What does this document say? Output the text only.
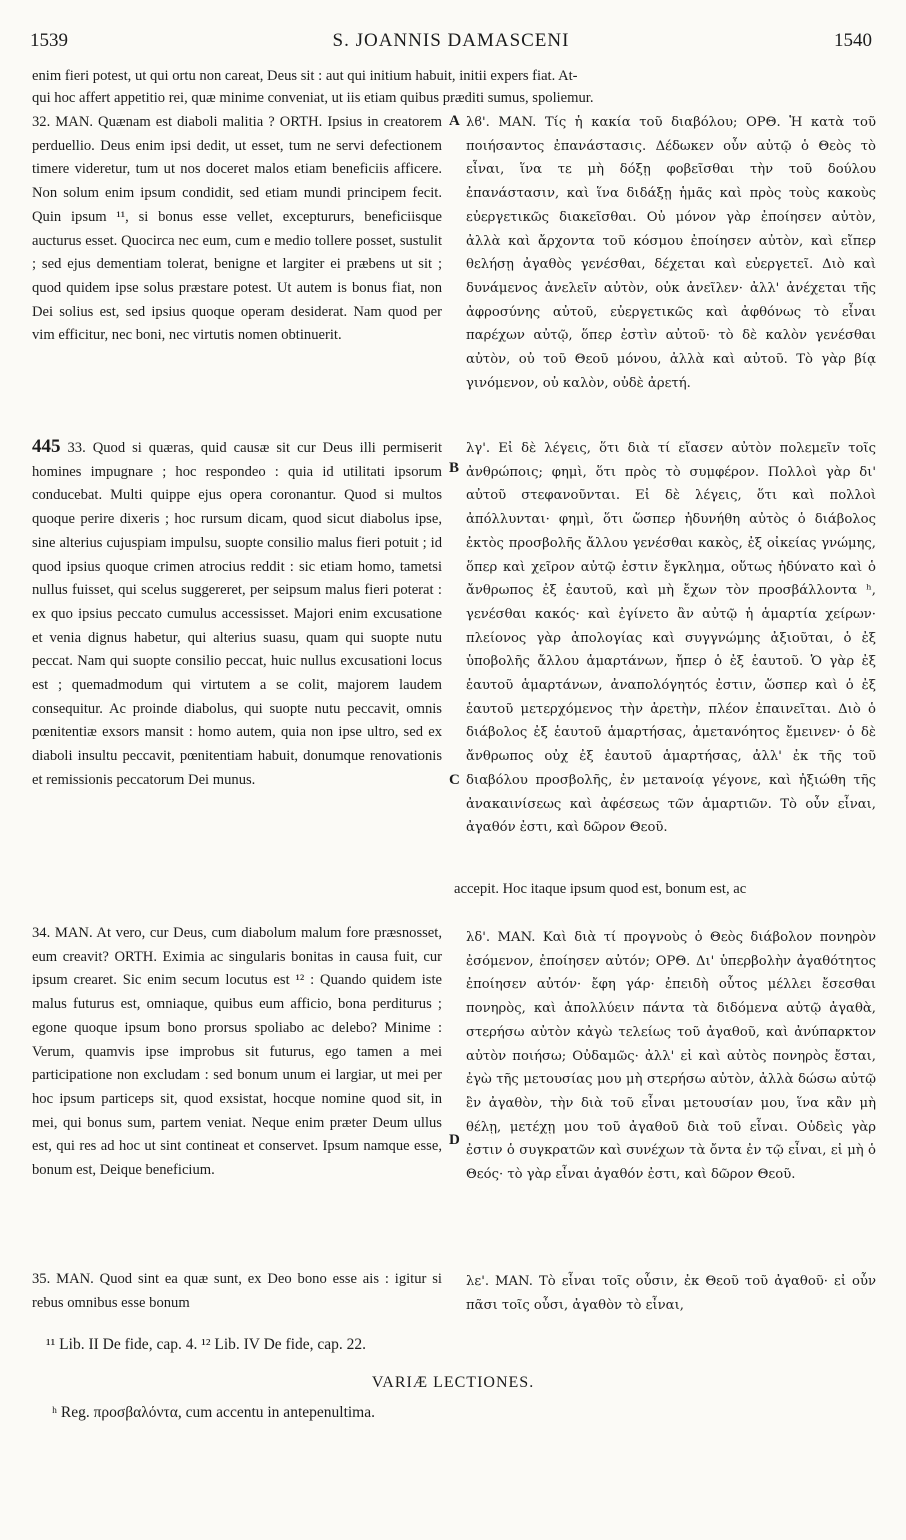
1539	S. JOANNIS DAMASCENI	1540
enim fieri potest, ut qui ortu non careat, Deus sit : aut qui initium habuit, initii expers fiat. At-
qui hoc affert appetitio rei, quæ minime conveniat, ut iis etiam quibus præditi sumus, spoliemur.

32. MAN. Quænam est diaboli malitia ? ORTH. Ipsius in creatorem perduellio. Deus enim ipsi dedit, ut esset, tum ne servi defectionem timere videretur, tum ut nos doceret malos etiam beneficiis afficere. Non solum enim ipsum condidit, sed etiam mundi principem fecit. Quin ipsum ¹¹, si bonus esse vellet, exceptururs, beneficiisque aucturus esset. Quocirca nec eum, cum e medio tollere posset, sustulit ; sed ejus dementiam tolerat, benigne et largiter ei præbens ut sit ; quod quidem ipse solus præstare potest. Ut autem is bonus fiat, non Dei solius est, sed ipsius quoque operam desiderat. Nam quod per vim efficitur, nec boni, nec virtutis nomen obtinuerit.

A λϐ'. MAN. Τίς ἡ κακία τοῦ διαβόλου; ΟΡΘ. Ἡ κατὰ τοῦ ποιήσαντος ἐπανάστασις. Δέδωκεν οὖν αὐτῷ ὁ Θεὸς τὸ εἶναι, ἵνα τε μὴ δόξῃ φοβεῖσθαι τὴν τοῦ δούλου ἐπανάστασιν, καὶ ἵνα διδάξῃ ἡμᾶς καὶ πρὸς τοὺς κακοὺς εὐεργετικῶς διακεῖσθαι. Οὐ μόνον γὰρ ἐποίησεν αὐτὸν, ἀλλὰ καὶ ἄρχοντα τοῦ κόσμου ἐποίησεν αὐτὸν, καὶ εἴπερ θελήσῃ ἀγαθὸς γενέσθαι, δέχεται καὶ εὐεργετεῖ. Διὸ καὶ δυνάμενος ἀνελεῖν αὐτὸν, οὐκ ἀνεῖλεν· ἀλλ' ἀνέχεται τῆς ἀφροσύνης αὐτοῦ, εὐεργετικῶς καὶ ἀφθόνως τὸ εἶναι παρέχων αὐτῷ, ὅπερ ἐστὶν αὐτοῦ· τὸ δὲ καλὸν γενέσθαι αὐτὸν, οὐ τοῦ Θεοῦ μόνου, ἀλλὰ καὶ αὐτοῦ. Τὸ γὰρ βίᾳ γινόμενον, οὐ καλὸν, οὐδὲ ἀρετή.

445 33. Quod si quæras, quid causæ sit cur Deus illi permiserit homines impugnare ; hoc respondeo : quia id utilitati ipsorum conducebat. Multi quippe ejus opera coronantur. Quod si multos quoque perire dixeris ; hoc rursum dicam, quod sicut diabolus ipse, sine alterius cujuspiam impulsu, suopte consilio malus fieri potuit ; id quod ipsius quoque crimen atrocius reddit : sic etiam homo, tametsi nullus fuisset, qui scelus suggereret, per seipsum malus fieri poterat : ex quo ipsius peccato cumulus accessisset. Majori enim excusatione et venia dignus habetur, qui alterius suasu, quam qui suopte nutu peccat. Nam qui suopte consilio peccat, huic nullus excusationi locus est ; quemadmodum qui virtutem a se colit, majorem laudem consequitur. Ac proinde diabolus, qui suopte nutu peccavit, omnis pœnitentiæ exsors mansit : homo autem, quia non ipse ultro, sed ex diaboli insultu peccavit, pœnitentiam habuit, donumque renovationis et remissionis peccatorum Dei munus.

B

λγ'. Εἰ δὲ λέγεις, ὅτι διὰ τί εἴασεν αὐτὸν πολεμεῖν τοῖς ἀνθρώποις; φημὶ, ὅτι πρὸς τὸ συμφέρον. Πολλοὶ γὰρ δι' αὐτοῦ στεφανοῦνται. Εἰ δὲ λέγεις, ὅτι καὶ πολλοὶ ἀπόλλυνται· φημὶ, ὅτι ὥσπερ ἠδυνήθη αὐτὸς ὁ διάβολος ἐκτὸς προσβολῆς ἄλλου γενέσθαι κακὸς, ἐξ οἰκείας γνώμης, ὅπερ καὶ χεῖρον αὐτῷ ἐστιν ἔγκλημα, οὕτως ἠδύνατο καὶ ὁ ἄνθρωπος ἐξ ἑαυτοῦ, καὶ μὴ ἔχων τὸν προσβάλλοντα ʰ, γενέσθαι κακός· καὶ ἐγίνετο ἂν αὐτῷ ἡ ἁμαρτία χείρων· πλείονος γὰρ ἀπολογίας καὶ συγγνώμης ἀξιοῦται, ὁ ἐξ ὑποβολῆς ἄλλου ἁμαρτάνων, ἤπερ ὁ ἐξ ἑαυτοῦ. Ὁ γὰρ ἐξ ἑαυτοῦ ἁμαρτάνων, ἀναπολόγητός ἐστιν, ὥσπερ καὶ ὁ ἐξ ἑαυτοῦ μετερχόμενος τὴν ἀρετὴν, πλέον ἐπαινεῖται. Διὸ ὁ διάβολος ἐξ ἑαυτοῦ ἁμαρτήσας, ἀμετανόητος ἔμεινεν· ὁ δὲ ἄνθρωπος οὐχ ἐξ ἑαυτοῦ ἁμαρτήσας, ἀλλ' ἐκ τῆς τοῦ διαβόλου προσβολῆς, ἐν μετανοίᾳ γέγονε, καὶ ἠξιώθη τῆς ἀνακαινίσεως καὶ ἀφέσεως τῶν ἁμαρτιῶν. Τὸ οὖν εἶναι, ἀγαθόν ἐστι, καὶ δῶρον Θεοῦ.

C
accepit. Hoc itaque ipsum quod est, bonum est, ac

34. MAN. At vero, cur Deus, cum diabolum malum fore præsnosset, eum creavit? ORTH. Eximia ac singularis bonitas in causa fuit, cur ipsum crearet. Sic enim secum locutus est ¹² : Quando quidem iste malus futurus est, omniaque, quibus eum afficio, bona perditurus ; egone quoque ipsum bono prorsus spoliabo ac delebo? Minime : Verum, quamvis ipse improbus sit futurus, ego tamen a mei participatione non excludam : sed bonum unum ei largiar, ut mei per hoc ipsum particeps sit, quod exsistat, hocque nomine quod sit, in mei, qui bonus sum, partem veniat. Neque enim præter Deum ullus est, qui res ad hoc ut sint contineat et conservet. Ipsum namque esse, bonum est, Deique beneficium.

D

λδ'. MAN. Καὶ διὰ τί προγνοὺς ὁ Θεὸς διάβολον πονηρὸν ἐσόμενον, ἐποίησεν αὐτόν; ΟΡΘ. Δι' ὑπερβολὴν ἀγαθότητος ἐποίησεν αὐτόν· ἔφη γάρ· ἐπειδὴ οὗτος μέλλει ἔσεσθαι πονηρὸς, καὶ ἀπολλύειν πάντα τὰ διδόμενα αὐτῷ ἀγαθὰ, στερήσω αὐτὸν κἀγὼ τελείως τοῦ ἀγαθοῦ, καὶ ἀνύπαρκτον αὐτὸν ποιήσω; Οὐδαμῶς· ἀλλ' εἰ καὶ αὐτὸς πονηρὸς ἔσται, ἐγὼ τῆς μετουσίας μου μὴ στερήσω αὐτὸν, ἀλλὰ δώσω αὐτῷ ἓν ἀγαθὸν, τὴν διὰ τοῦ εἶναι μετουσίαν μου, ἵνα κἂν μὴ θέλῃ, μετέχῃ μου τοῦ ἀγαθοῦ διὰ τοῦ εἶναι. Οὐδεὶς γὰρ ἐστιν ὁ συγκρατῶν καὶ συνέχων τὰ ὄντα ἐν τῷ εἶναι, εἰ μὴ ὁ Θεός· τὸ γὰρ εἶναι ἀγαθόν ἐστι, καὶ δῶρον Θεοῦ.

35. MAN. Quod sint ea quæ sunt, ex Deo bono esse ais : igitur si rebus omnibus esse bonum

λε'. MAN. Τὸ εἶναι τοῖς οὖσιν, ἐκ Θεοῦ τοῦ ἀγαθοῦ· εἰ οὖν πᾶσι τοῖς οὖσι, ἀγαθὸν τὸ εἶναι,

¹¹ Lib. II De fide, cap. 4. ¹² Lib. IV De fide, cap. 22.
VARIÆ LECTIONES.
ʰ Reg. προσβαλόντα, cum accentu in antepenultima.
